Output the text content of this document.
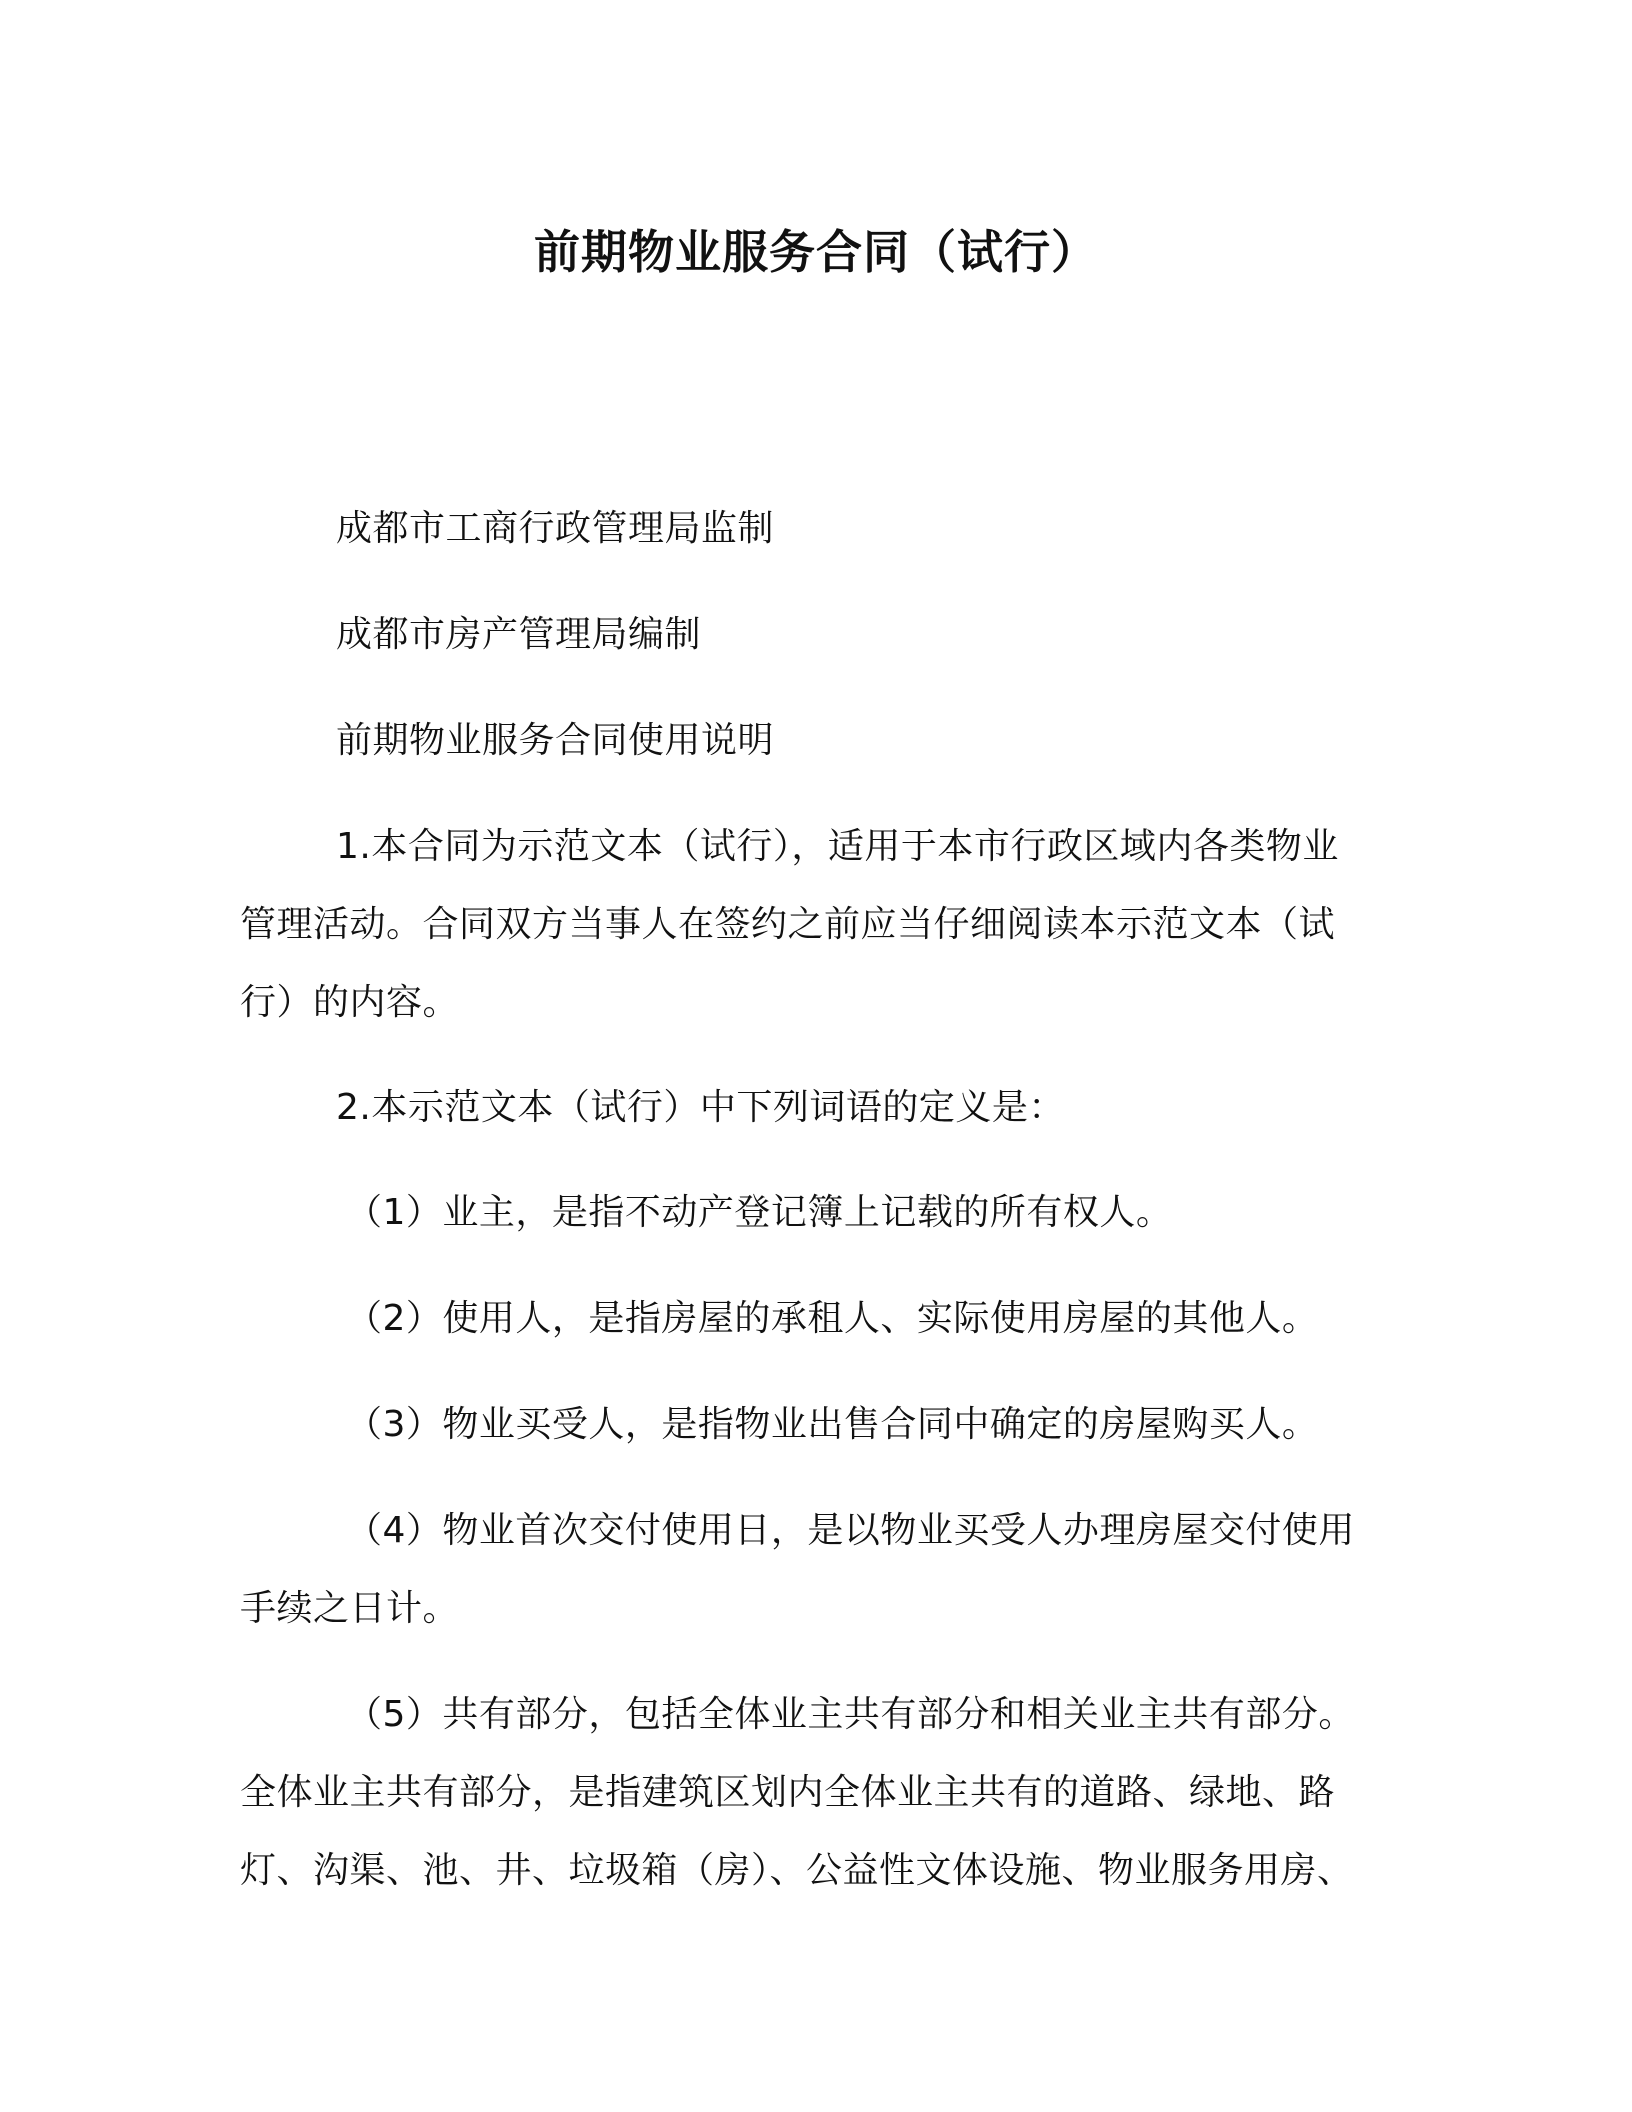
前期物业服务合同（试行）

成都市工商行政管理局监制

成都市房产管理局编制

前期物业服务合同使用说明

1.本合同为示范文本（试行），适用于本市行政区域内各类物业管理活动。合同双方当事人在签约之前应当仔细阅读本示范文本（试行）的内容。

2.本示范文本（试行）中下列词语的定义是：

（1）业主，是指不动产登记簿上记载的所有权人。

（2）使用人，是指房屋的承租人、实际使用房屋的其他人。

（3）物业买受人，是指物业出售合同中确定的房屋购买人。

（4）物业首次交付使用日，是以物业买受人办理房屋交付使用手续之日计。

（5）共有部分，包括全体业主共有部分和相关业主共有部分。全体业主共有部分，是指建筑区划内全体业主共有的道路、绿地、路灯、沟渠、池、井、垃圾箱（房）、公益性文体设施、物业服务用房、
